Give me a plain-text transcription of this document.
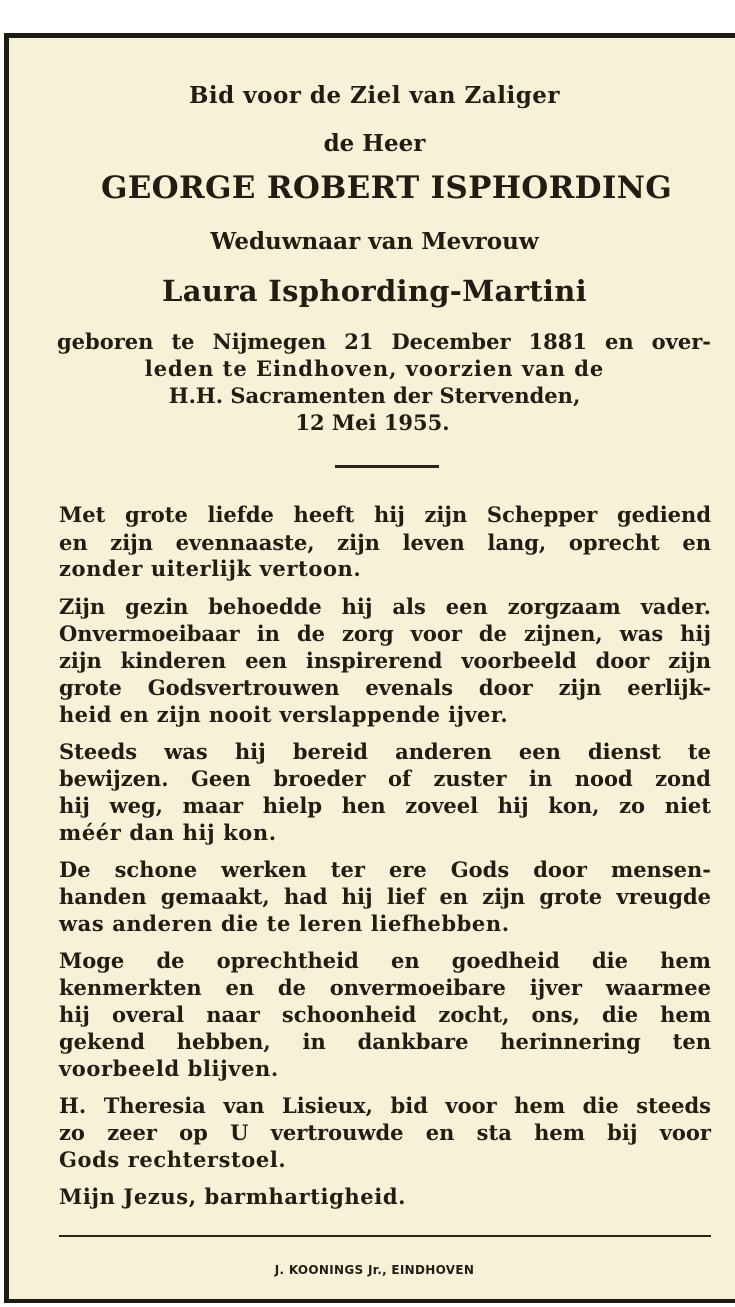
Bid voor de Ziel van Zaliger
de Heer
GEORGE ROBERT ISPHORDING
Weduwnaar van Mevrouw
Laura Isphording-Martini
geboren te Nijmegen 21 December 1881 en over-
leden te Eindhoven, voorzien van de
H.H. Sacramenten der Stervenden,
12 Mei 1955.
Met grote liefde heeft hij zijn Schepper gediend
en zijn evennaaste, zijn leven lang, oprecht en
zonder uiterlijk vertoon.
Zijn gezin behoedde hij als een zorgzaam vader.
Onvermoeibaar in de zorg voor de zijnen, was hij
zijn kinderen een inspirerend voorbeeld door zijn
grote Godsvertrouwen evenals door zijn eerlijk-
heid en zijn nooit verslappende ijver.
Steeds was hij bereid anderen een dienst te
bewijzen. Geen broeder of zuster in nood zond
hij weg, maar hielp hen zoveel hij kon, zo niet
méér dan hij kon.
De schone werken ter ere Gods door mensen-
handen gemaakt, had hij lief en zijn grote vreugde
was anderen die te leren liefhebben.
Moge de oprechtheid en goedheid die hem
kenmerkten en de onvermoeibare ijver waarmee
hij overal naar schoonheid zocht, ons, die hem
gekend hebben, in dankbare herinnering ten
voorbeeld blijven.
H. Theresia van Lisieux, bid voor hem die steeds
zo zeer op U vertrouwde en sta hem bij voor
Gods rechterstoel.
Mijn Jezus, barmhartigheid.
J. KOONINGS Jr., EINDHOVEN
